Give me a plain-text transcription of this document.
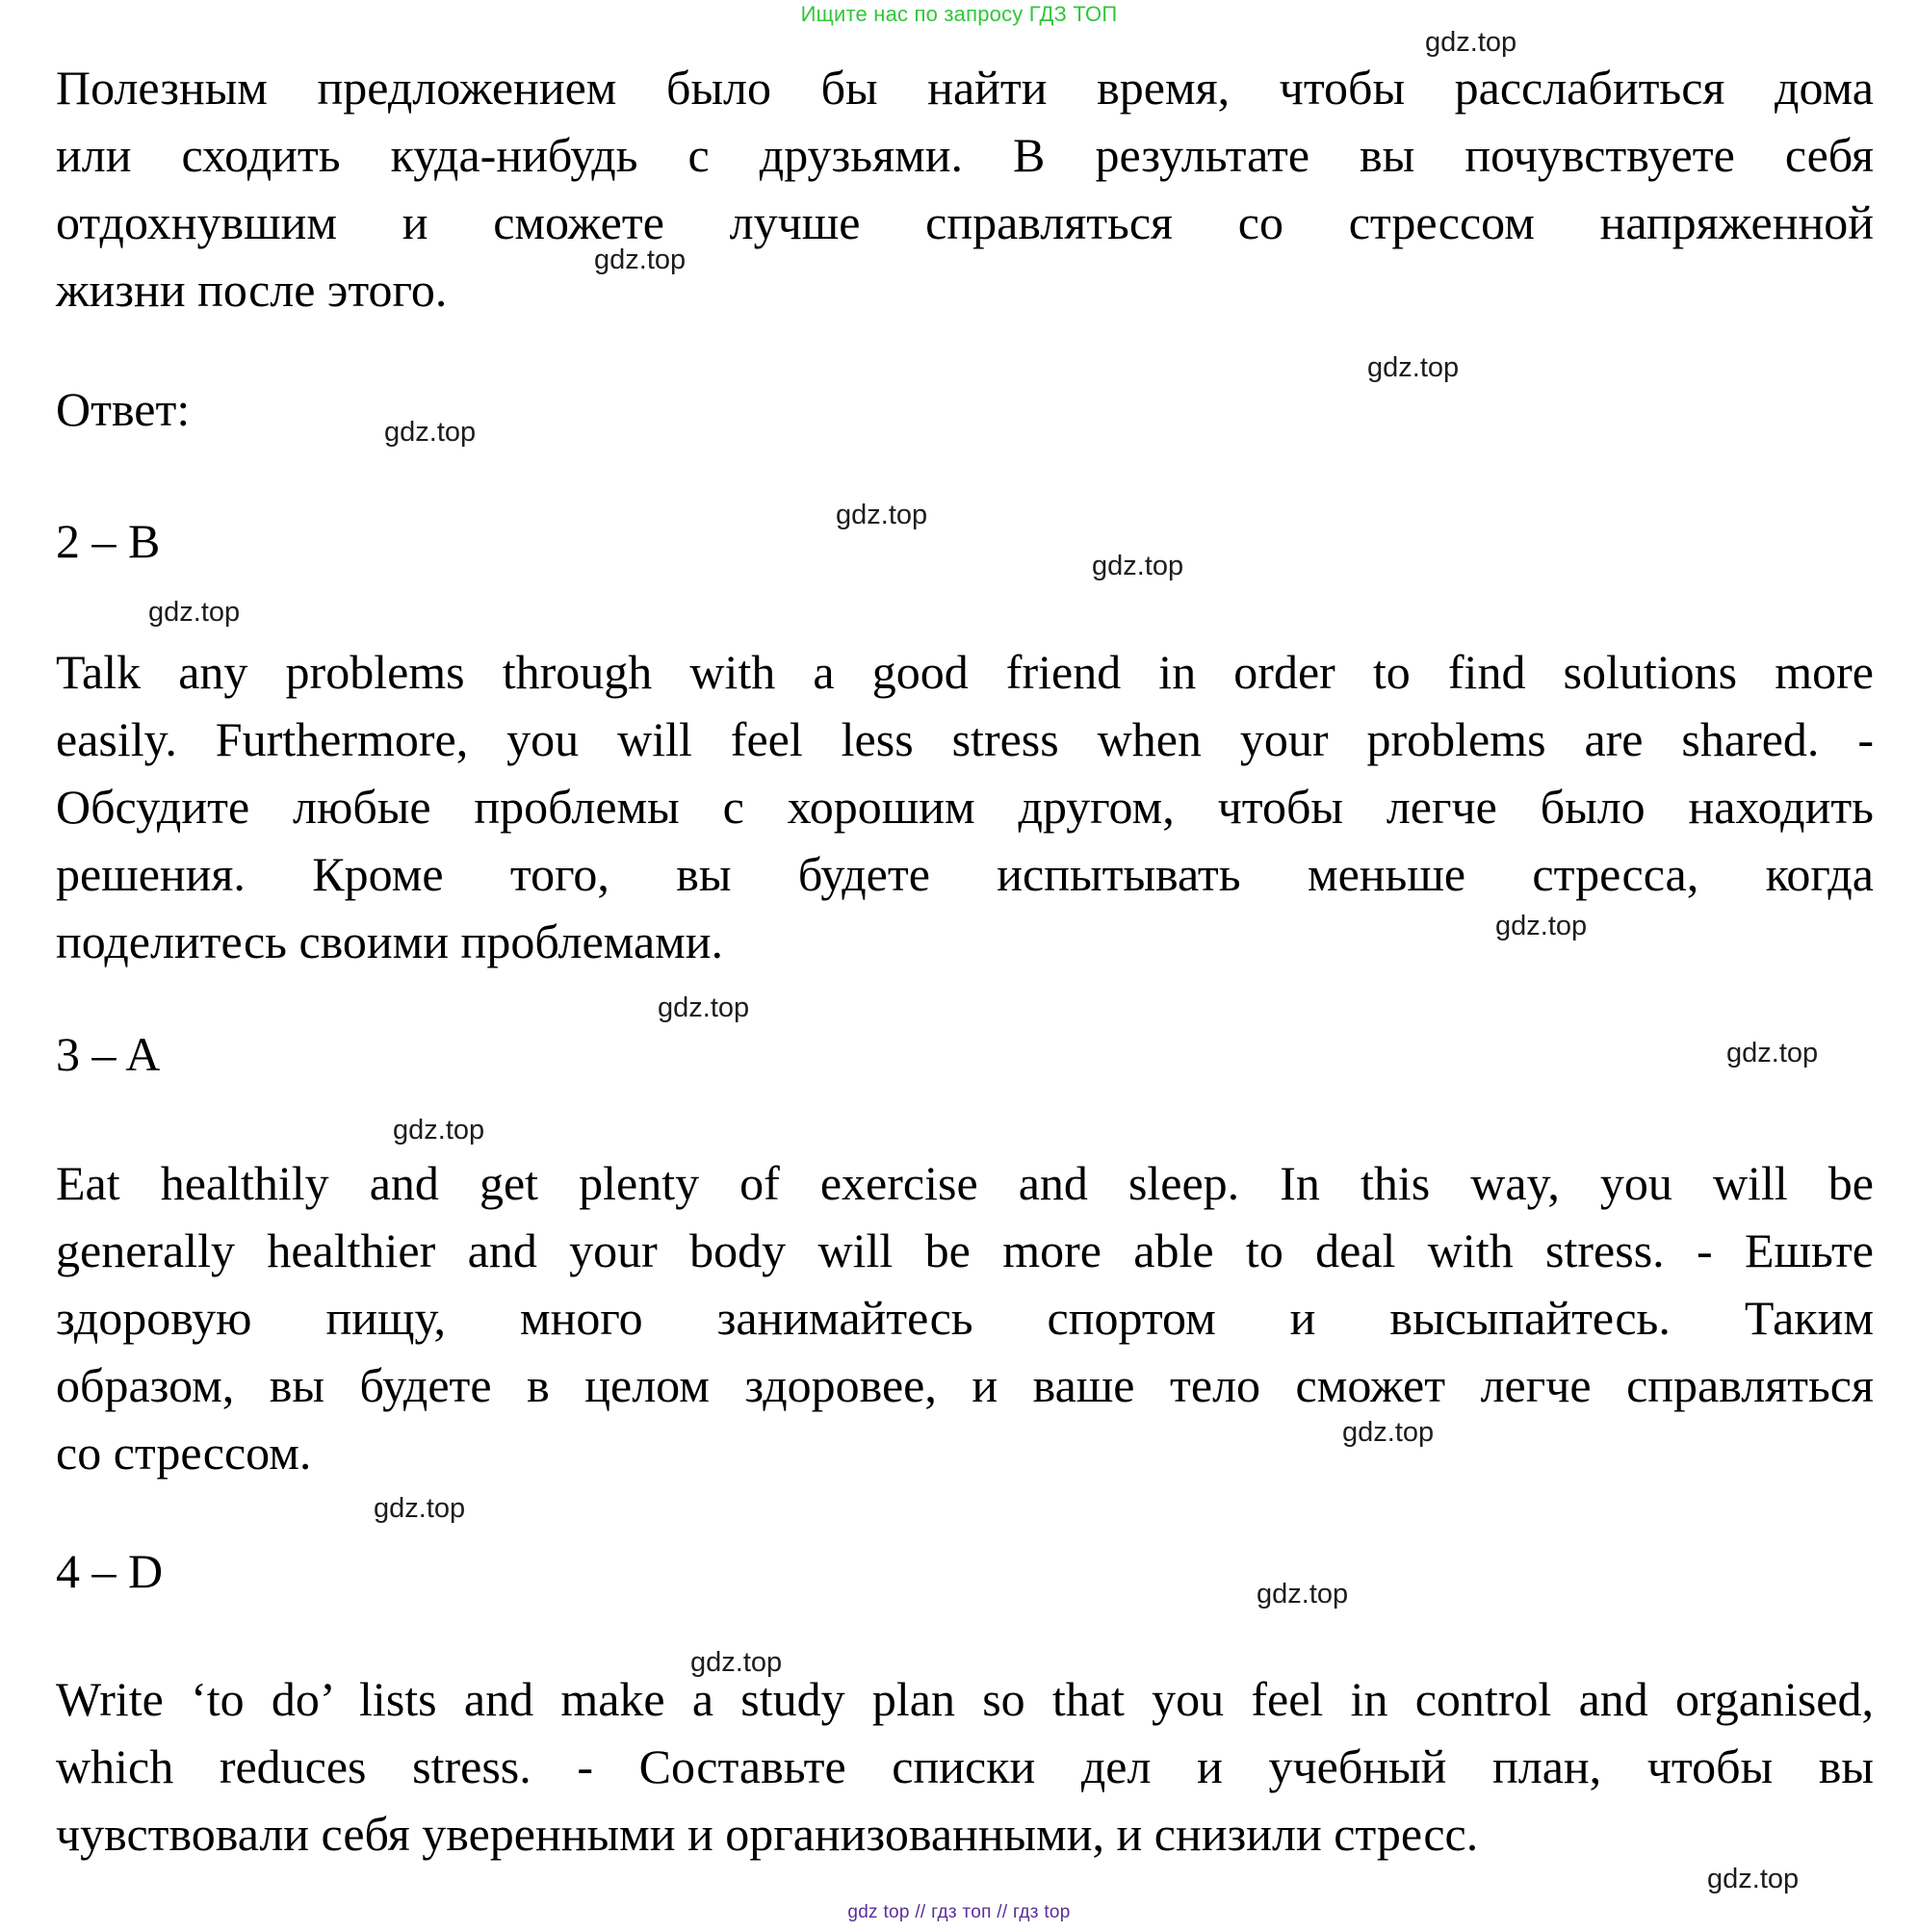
Ищите нас по запросу ГДЗ ТОП
Полезным предложением было бы найти время, чтобы расслабиться дома
или сходить куда-нибудь с друзьями. В результате вы почувствуете себя
отдохнувшим и сможете лучше справляться со стрессом напряженной
жизни после этого.
Ответ:
2 – B
Talk any problems through with a good friend in order to find solutions more
easily. Furthermore, you will feel less stress when your problems are shared. -
Обсудите любые проблемы с хорошим другом, чтобы легче было находить
решения. Кроме того, вы будете испытывать меньше стресса, когда
поделитесь своими проблемами.
3 – A
Eat healthily and get plenty of exercise and sleep. In this way, you will be
generally healthier and your body will be more able to deal with stress. - Ешьте
здоровую пищу, много занимайтесь спортом и высыпайтесь. Таким
образом, вы будете в целом здоровее, и ваше тело сможет легче справляться
со стрессом.
4 – D
Write ‘to do’ lists and make a study plan so that you feel in control and organised,
which reduces stress. - Составьте списки дел и учебный план, чтобы вы
чувствовали себя уверенными и организованными, и снизили стресс.
gdz.top
gdz.top
gdz.top
gdz.top
gdz.top
gdz.top
gdz.top
gdz.top
gdz.top
gdz.top
gdz.top
gdz.top
gdz.top
gdz.top
gdz.top
gdz.top
gdz top // гдз топ // гдз top
